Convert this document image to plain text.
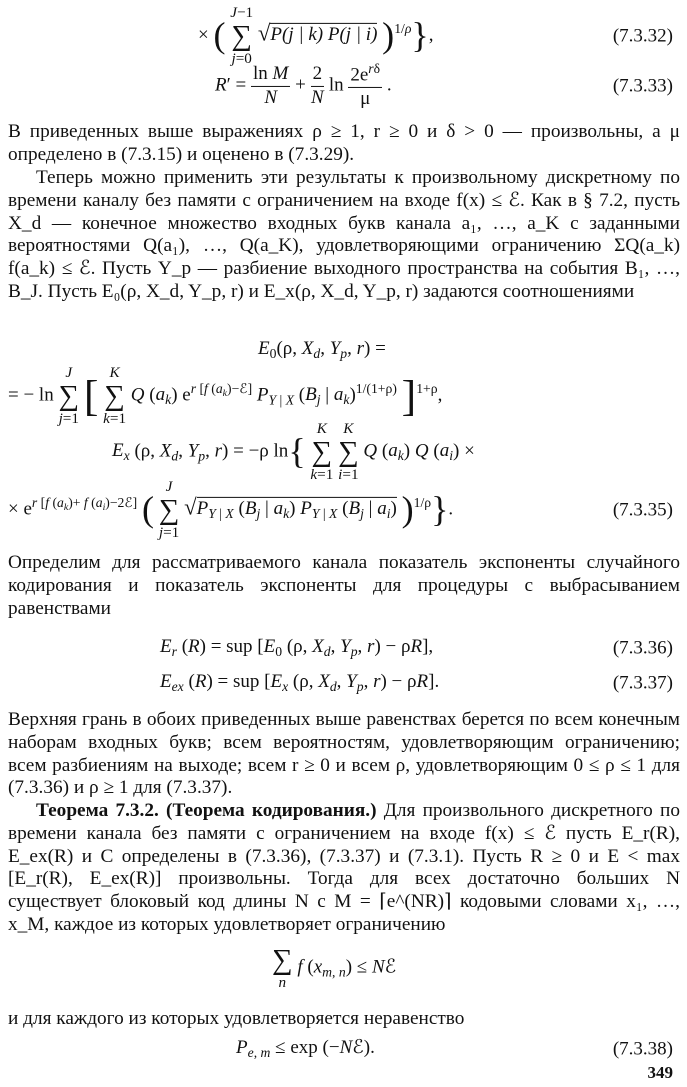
× ( J−1
∑
j=0 √P(j | k) P(j | i) )$^{1/\rho}$},	(7.3.32)
$R' = \frac{\text{ln M}}{N} + \frac{2}{N}$ $\ln 2e^{r\delta}$
μ .	(7.3.33)
В приведенных выше выражениях ρ ≥ 1, r ≥ 0 и δ > 0 — произвольны, а μ определено в (7.3.15) и оценено в (7.3.29).
Теперь можно применить эти результаты к произвольному дискретному по времени каналу без памяти с ограничением на входе f(x) ≤ ℰ. Как в § 7.2, пусть X_d — конечное множество входных букв канала a₁, …, a_K с заданными вероятностями Q(a₁), …, Q(a_K), удовлетворяющими ограничению ΣQ(a_k) f(a_k) ≤ ℰ. Пусть Y_p — разбиение выходного пространства на события B₁, …, B_J. Пусть E₀(ρ, X_d, Y_p, r) и E_x(ρ, X_d, Y_p, r) задаются соотношениями
$E_0(\rho$, $X_d$, $Y_p$, r) =
= − ln J
∑
j=1 [ K
∑
k=1 Q $(a_k)$ $e^{r [f (a_k)-ℰ]}$ $P_{Y | X}$ ($B_j$ | $a_k)^{1/(1+\rho)}$ ]$^{1+\rho}$,
$E_x$ (ρ, $X_d$, $Y_p$, r) = −ρ ln{ K
∑
k=1 K
∑
i=1 Q $(a_k)$ Q $(a_i)$ ×
× $e^{r [f (a_k)+ f (a_i)-2ℰ]}$ ( J
∑
j=1 $√P_{Y | X}$ ($B_j$ | $a_k$) $P_{Y | X}$ ($B_j$ | $a_i$) )$^{1/\rho}$}.	(7.3.35)
Определим для рассматриваемого канала показатель экспоненты случайного кодирования и показатель экспоненты для процедуры с выбрасыванием равенствами
$E_r$ (R) = sup [$E_0$ (ρ, $X_d$, $Y_p$, r) − ρR],	(7.3.36)
$E_{ex}$ (R) = sup [$E_x$ (ρ, $X_d$, $Y_p$, r) − ρR].	(7.3.37)
Верхняя грань в обоих приведенных выше равенствах берется по всем конечным наборам входных букв; всем вероятностям, удовлетворяющим ограничению; всем разбиениям на выходе; всем r ≥ 0 и всем ρ, удовлетворяющим 0 ≤ ρ ≤ 1 для (7.3.36) и ρ ≥ 1 для (7.3.37).
Теорема 7.3.2. (Теорема кодирования.) Для произвольного дискретного по времени канала без памяти с ограничением на входе f(x) ≤ ℰ пусть E_r(R), E_ex(R) и C определены в (7.3.36), (7.3.37) и (7.3.1). Пусть R ≥ 0 и E < max [E_r(R), E_ex(R)] произвольны. Тогда для всех достаточно больших N существует блоковый код длины N с M = ⌈e^(NR)⌉ кодовыми словами x₁, …, x_M, каждое из которых удовлетворяет ограничению
∑
n f $(x_{m, n})$ ≤ Nℰ
и для каждого из которых удовлетворяется неравенство
$P_{e, m} \le \exp$ (−Nℰ).	(7.3.38)
349
